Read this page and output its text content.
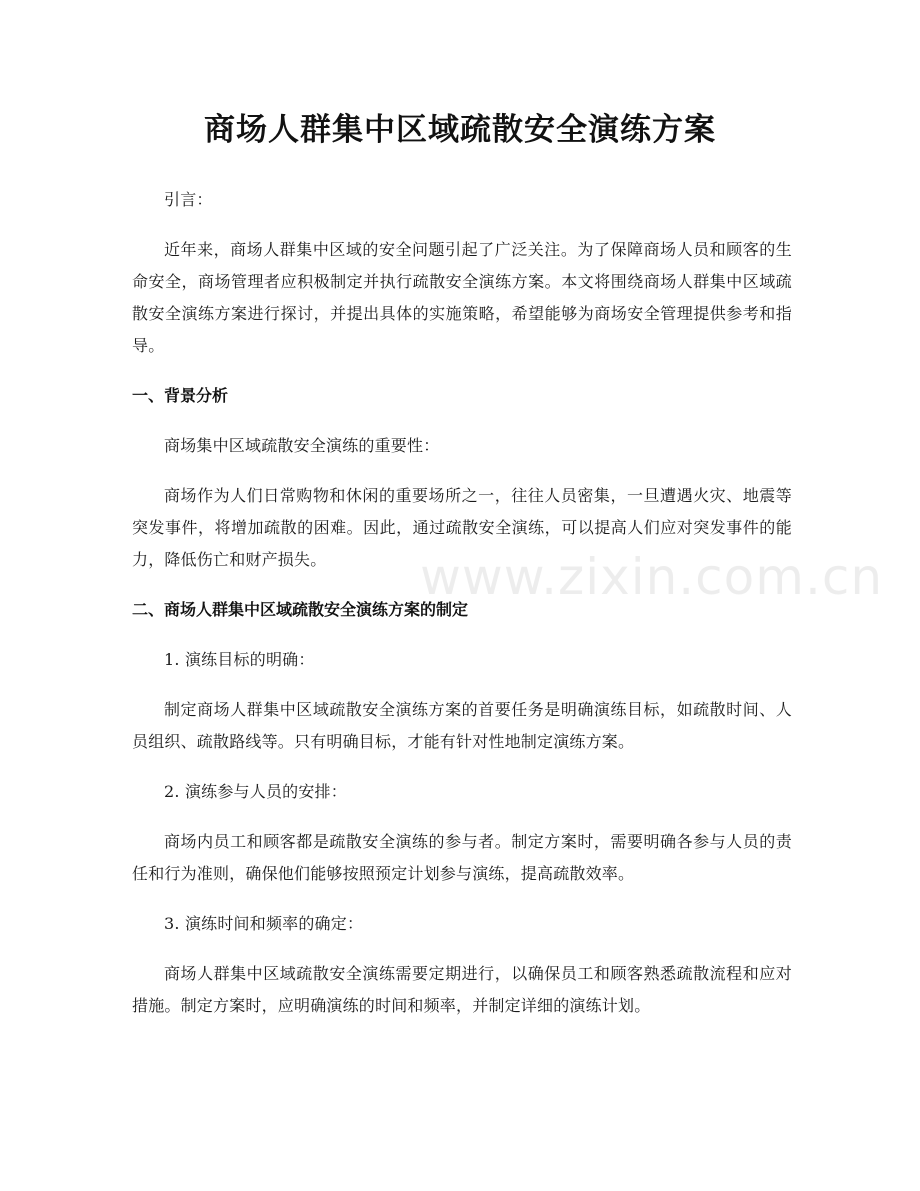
商场人群集中区域疏散安全演练方案

引言：

近年来，商场人群集中区域的安全问题引起了广泛关注。为了保障商场人员和顾客的生命安全，商场管理者应积极制定并执行疏散安全演练方案。本文将围绕商场人群集中区域疏散安全演练方案进行探讨，并提出具体的实施策略，希望能够为商场安全管理提供参考和指导。

一、背景分析

商场集中区域疏散安全演练的重要性：

商场作为人们日常购物和休闲的重要场所之一，往往人员密集，一旦遭遇火灾、地震等突发事件，将增加疏散的困难。因此，通过疏散安全演练，可以提高人们应对突发事件的能力，降低伤亡和财产损失。

二、商场人群集中区域疏散安全演练方案的制定

1. 演练目标的明确：

制定商场人群集中区域疏散安全演练方案的首要任务是明确演练目标，如疏散时间、人员组织、疏散路线等。只有明确目标，才能有针对性地制定演练方案。

2. 演练参与人员的安排：

商场内员工和顾客都是疏散安全演练的参与者。制定方案时，需要明确各参与人员的责任和行为准则，确保他们能够按照预定计划参与演练，提高疏散效率。

3. 演练时间和频率的确定：

商场人群集中区域疏散安全演练需要定期进行，以确保员工和顾客熟悉疏散流程和应对措施。制定方案时，应明确演练的时间和频率，并制定详细的演练计划。

www.zixin.com.cn
